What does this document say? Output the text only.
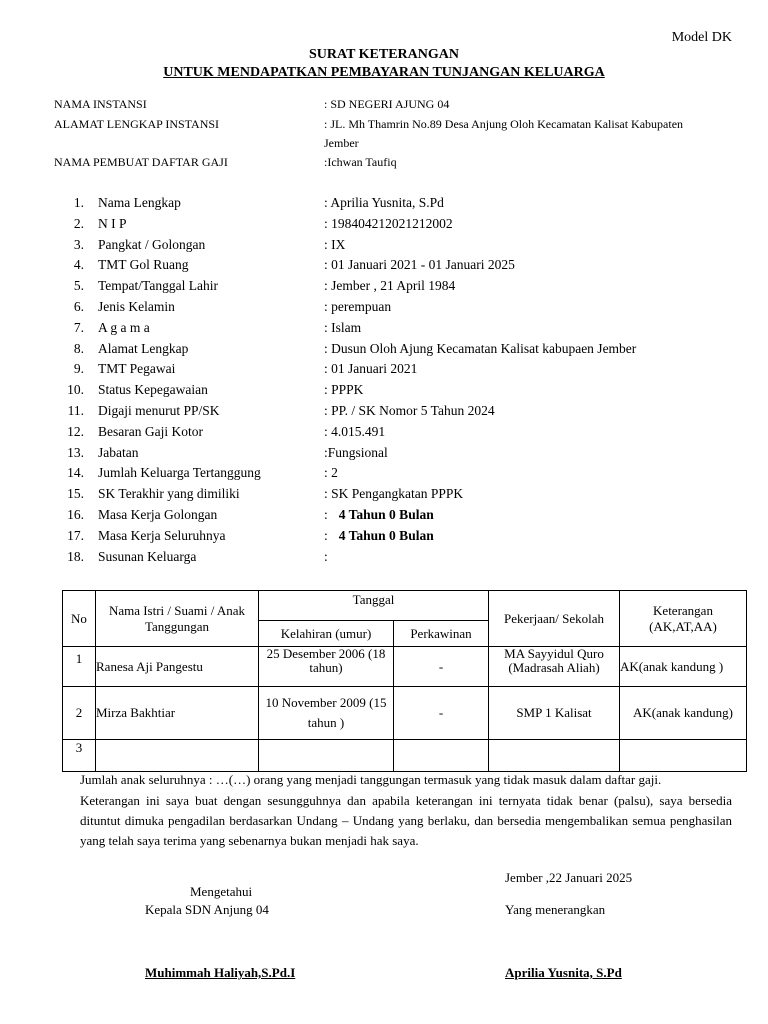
Model DK
SURAT KETERANGAN
UNTUK MENDAPATKAN PEMBAYARAN TUNJANGAN KELUARGA
NAMA INSTANSI	: SD NEGERI AJUNG 04
ALAMAT LENGKAP INSTANSI	: JL. Mh Thamrin No.89 Desa Anjung Oloh Kecamatan Kalisat Kabupaten
Jember
NAMA PEMBUAT DAFTAR GAJI	:Ichwan Taufiq
1. Nama Lengkap	: Aprilia Yusnita, S.Pd
2. N I P	: 198404212021212002
3. Pangkat / Golongan	: IX
4. TMT Gol Ruang	: 01 Januari 2021 - 01 Januari 2025
5. Tempat/Tanggal Lahir	: Jember , 21 April 1984
6. Jenis Kelamin	: perempuan
7. A g a m a	: Islam
8. Alamat Lengkap	: Dusun Oloh Ajung Kecamatan Kalisat kabupaen Jember
9. TMT Pegawai	: 01 Januari 2021
10. Status Kepegawaian	: PPPK
11. Digaji menurut PP/SK	: PP. / SK Nomor 5 Tahun 2024
12. Besaran Gaji Kotor	: 4.015.491
13. Jabatan	:Fungsional
14. Jumlah Keluarga Tertanggung	: 2
15. SK Terakhir yang dimiliki	: SK Pengangkatan PPPK
16. Masa Kerja Golongan	: 4 Tahun 0 Bulan
17. Masa Kerja Seluruhnya	: 4 Tahun 0 Bulan
18. Susunan Keluarga	:
No	Nama Istri / Suami / Anak Tanggungan	Tanggal		Pekerjaan/ Sekolah	Keterangan (AK,AT,AA)
		Kelahiran (umur)	Perkawinan		
1	Ranesa Aji Pangestu	25 Desember 2006 (18 tahun)	-	MA Sayyidul Quro (Madrasah Aliah)	AK(anak kandung )
2	Mirza Bakhtiar	10 November 2009 (15 tahun )	-	SMP 1 Kalisat	AK(anak kandung)
3					
Jumlah anak seluruhnya : …(…) orang yang menjadi tanggungan termasuk yang tidak masuk dalam daftar gaji.
Keterangan ini saya buat dengan sesungguhnya dan apabila keterangan ini ternyata tidak benar (palsu), saya bersedia dituntut dimuka pengadilan berdasarkan Undang – Undang yang berlaku, dan bersedia mengembalikan semua penghasilan yang telah saya terima yang sebenarnya bukan menjadi hak saya.
Jember ,22 Januari 2025
Mengetahui
Kepala SDN Anjung 04	Yang menerangkan
Muhimmah Haliyah,S.Pd.I	Aprilia Yusnita, S.Pd
